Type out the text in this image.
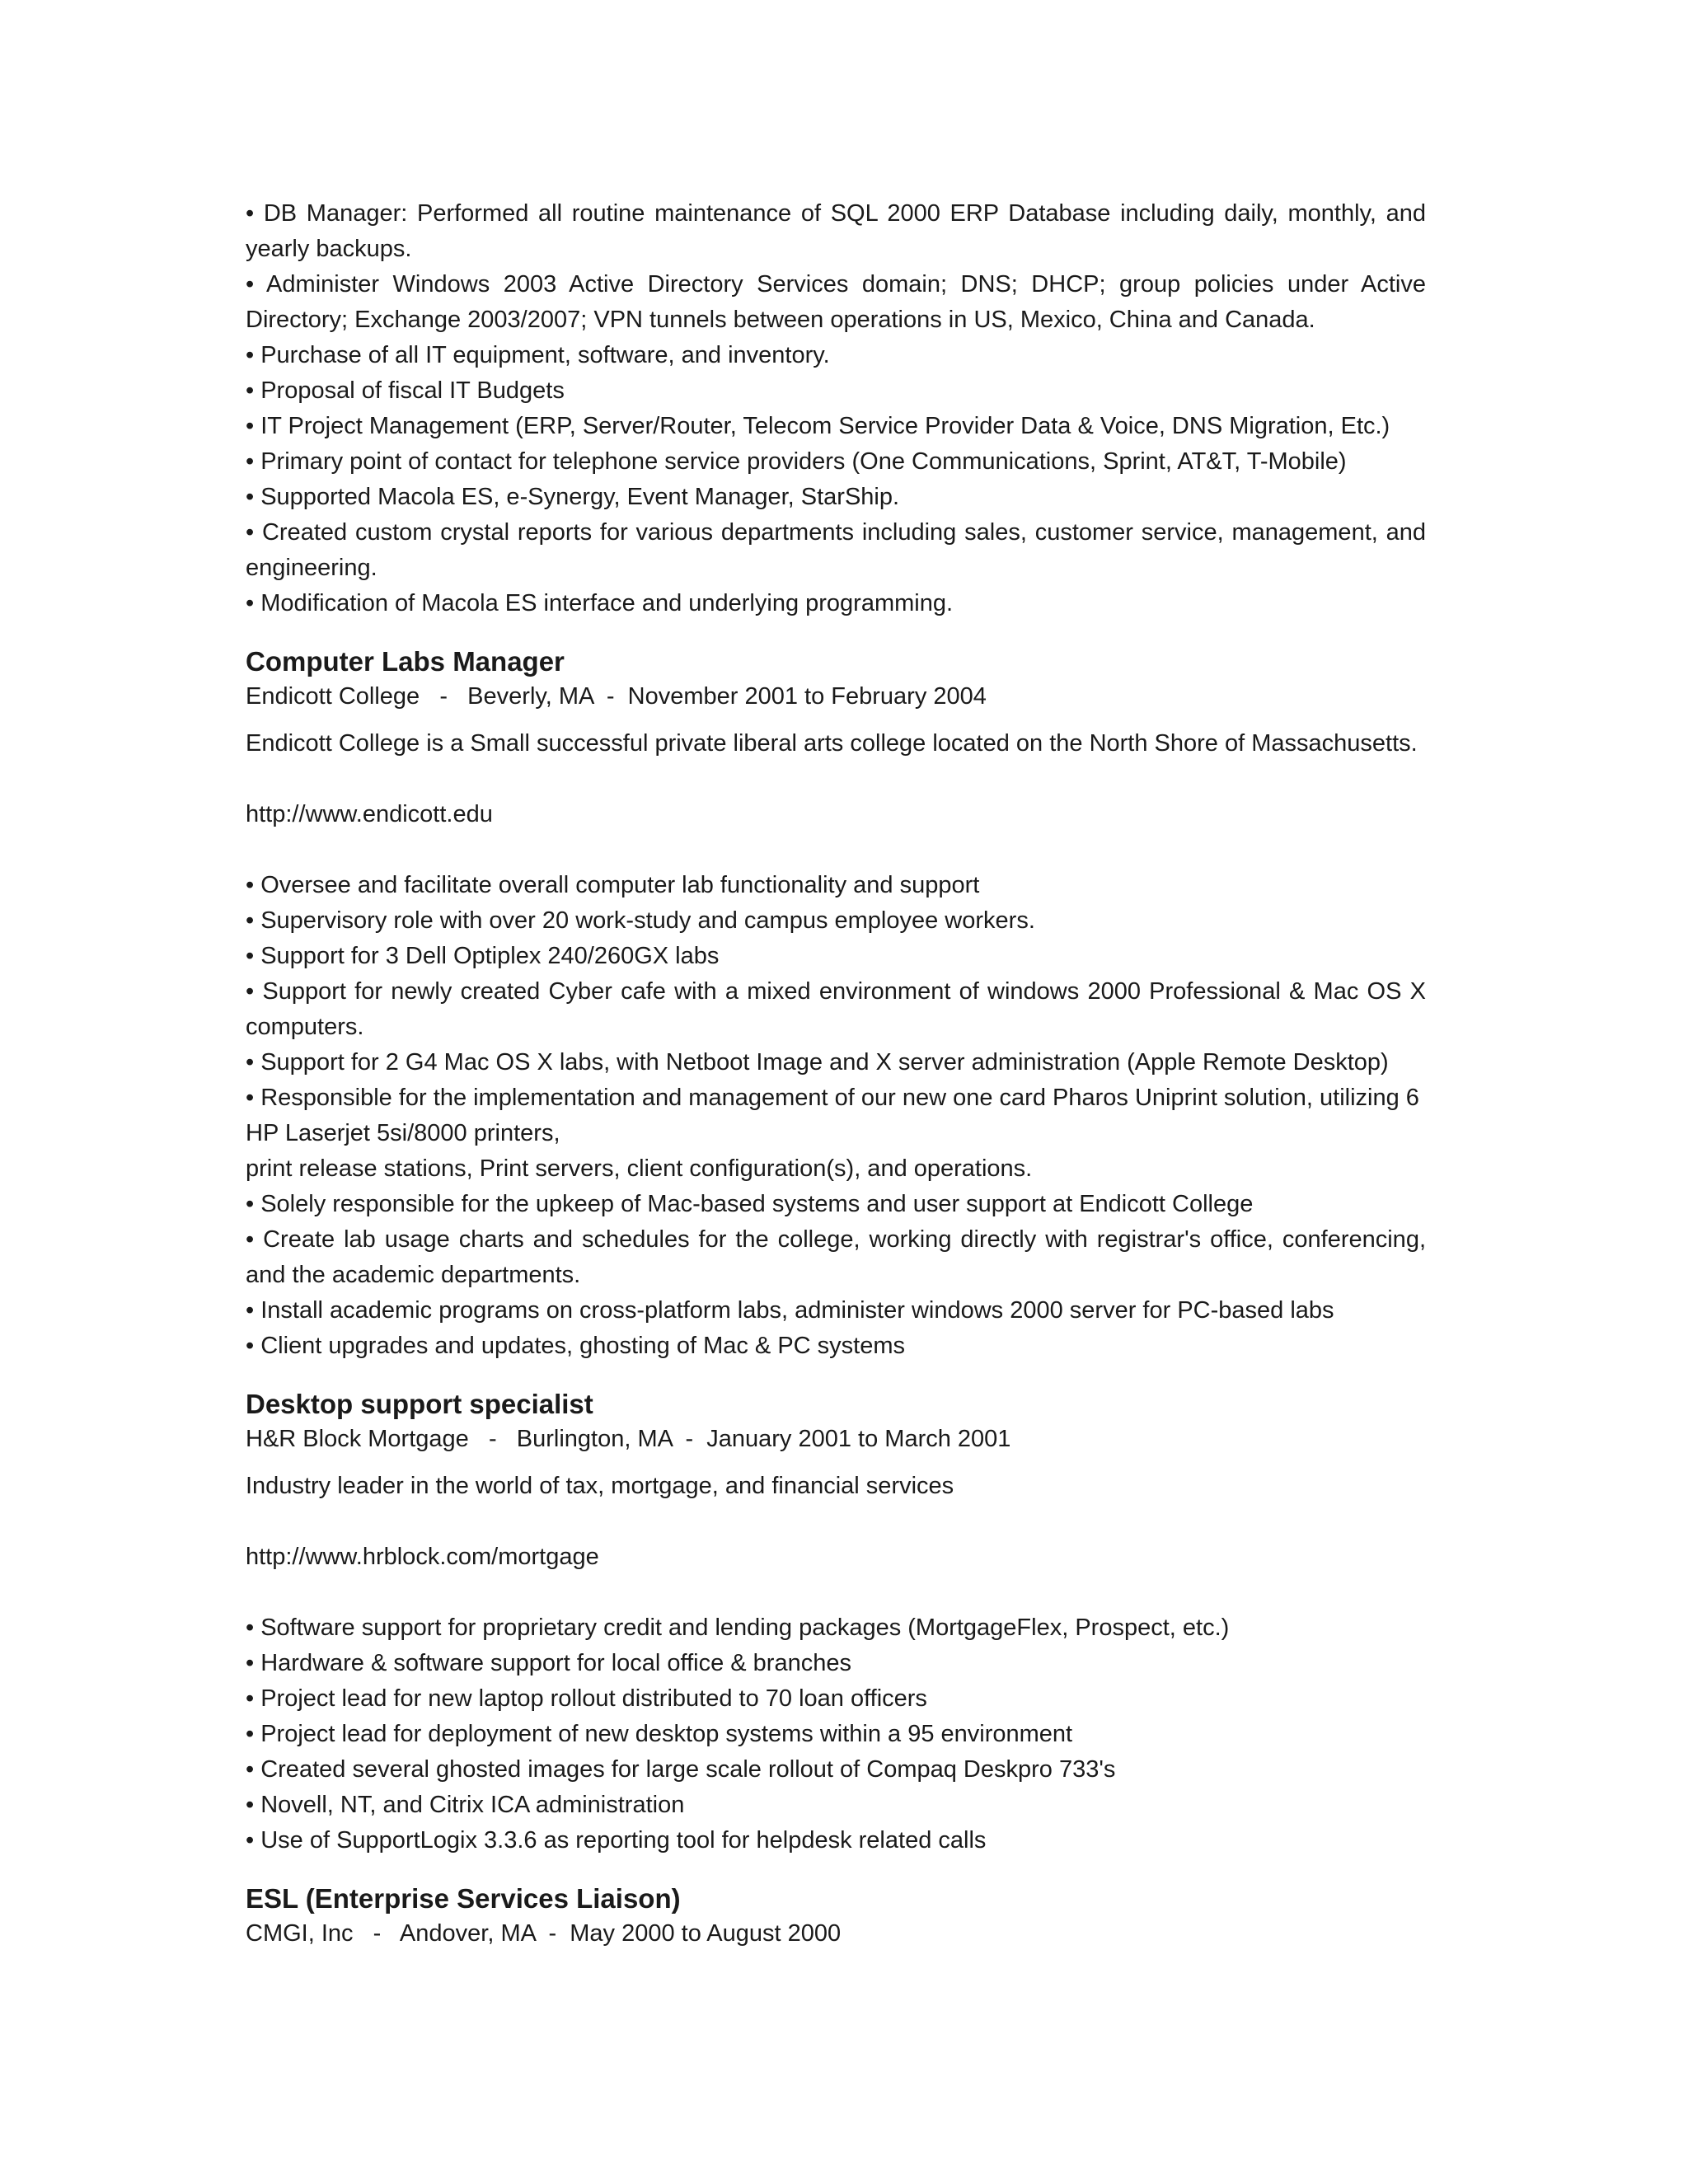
• DB Manager: Performed all routine maintenance of SQL 2000 ERP Database including daily, monthly, and yearly backups.

• Administer Windows 2003 Active Directory Services domain; DNS; DHCP; group policies under Active Directory; Exchange 2003/2007; VPN tunnels between operations in US, Mexico, China and Canada.

• Purchase of all IT equipment, software, and inventory.

• Proposal of fiscal IT Budgets

• IT Project Management (ERP, Server/Router, Telecom Service Provider Data & Voice, DNS Migration, Etc.)

• Primary point of contact for telephone service providers (One Communications, Sprint, AT&T, T-Mobile)

• Supported Macola ES, e-Synergy, Event Manager, StarShip.

• Created custom crystal reports for various departments including sales, customer service, management, and engineering.

• Modification of Macola ES interface and underlying programming.

Computer Labs Manager

Endicott College   -   Beverly, MA  -  November 2001 to February 2004

Endicott College is a Small successful private liberal arts college located on the North Shore of Massachusetts.

http://www.endicott.edu

• Oversee and facilitate overall computer lab functionality and support

• Supervisory role with over 20 work-study and campus employee workers.

• Support for 3 Dell Optiplex 240/260GX labs

• Support for newly created Cyber cafe with a mixed environment of windows 2000 Professional & Mac OS X computers.

• Support for 2 G4 Mac OS X labs, with Netboot Image and X server administration (Apple Remote Desktop)

• Responsible for the implementation and management of our new one card Pharos Uniprint solution, utilizing 6 HP Laserjet 5si/8000 printers,

print release stations, Print servers, client configuration(s), and operations.

• Solely responsible for the upkeep of Mac-based systems and user support at Endicott College

• Create lab usage charts and schedules for the college, working directly with registrar's office, conferencing, and the academic departments.

• Install academic programs on cross-platform labs, administer windows 2000 server for PC-based labs

• Client upgrades and updates, ghosting of Mac & PC systems

Desktop support specialist

H&R Block Mortgage   -   Burlington, MA  -  January 2001 to March 2001

Industry leader in the world of tax, mortgage, and financial services

http://www.hrblock.com/mortgage

• Software support for proprietary credit and lending packages (MortgageFlex, Prospect, etc.)

• Hardware & software support for local office & branches

• Project lead for new laptop rollout distributed to 70 loan officers

• Project lead for deployment of new desktop systems within a 95 environment

• Created several ghosted images for large scale rollout of Compaq Deskpro 733's

• Novell, NT, and Citrix ICA administration

• Use of SupportLogix 3.3.6 as reporting tool for helpdesk related calls

ESL (Enterprise Services Liaison)

CMGI, Inc   -   Andover, MA  -  May 2000 to August 2000
